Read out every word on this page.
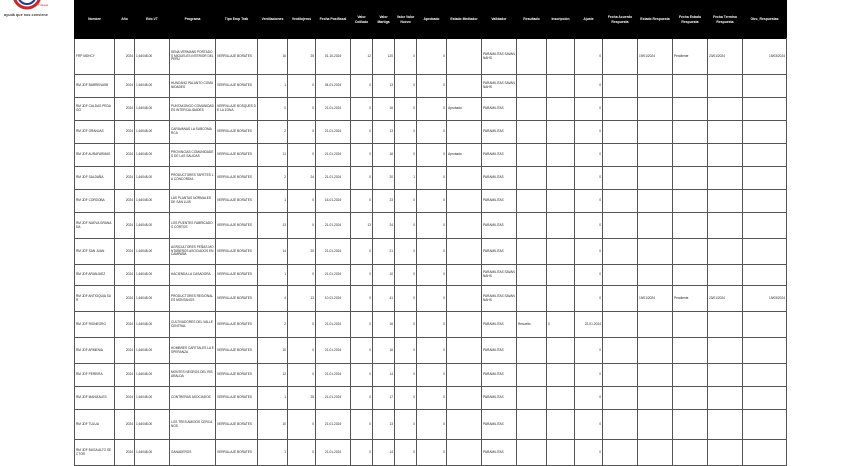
Trabaja
ayudá que nos conviene
Nombre	Año	Edo.VT	Programa	Tipo Emp Trab	Ventilaciones	Ventilojeros	Fecha Postfiscal	Valor Colilado	Valor Martiga	Valor Valor Nuevo	Aprobado	Estado Mediador	Validador	Resultado	Inscripción	Ajuste	Fecha Acuerdo Respuesta	Estado Respuesta	Fecha Estado Respuesta	Fecha Termino Respuesta	Otro_Respuestas	
FRP MDHCY	2024	1,64048-00	SENA VERMANS PORTADOS MIGUELES INTERIOR DEL PERÚ	VERRILLAJE BORATES	16	25	01-10-2024	12	120	0	0		PARAMILITAS SAVANNAHS			0		19/01/2024	Pendiente	23/01/2024	15/03/2024	
RM JDF BARRENASB	2024	1,64048-00	HUNCANO PALANTO COMUNIDADES	VERRILLAJE BORATES	1	0	04-01-2024	0	13	0	0		PARAMILITAS SAVANNAHS			0						
RM JDF CALDAS PEDAGO	2024	1,64048-00	PUNTAKONGO COMUNIDADES INTERCALIDADES	VERRILLAJE BOSQUES DE LA ZONA	0	0	21-01-2024	0	16	0	0	Aprobado	PARAMILITAS			0						
RM JDF GRANJAS	2024	1,64048-00	CARAVANAS LA SUBCOMARCA	VERRILLAJE BORATES	2	0	21-01-2024	0	13	0	0		PARAMILITAS			0						
RM JDF AURAFARMAS	2024	1,64048-00	PROVINCIAS COMUNIDADES DE LAS SALIDAS	VERRILLAJE BORATES	11	0	21-01-2024	0	16	0	0	Aprobado	PARAMILITAS			0						
RM JDF SALDAÑA	2024	1,64048-00	PRODUCTORES TAPETES LA CONCORDIA	VERRILLAJE BORATES	2	24	21-01-2024	0	20	1	0		PARAMILITAS			0						
RM JDF CORDOBA	2024	1,64048-00	LAS PLANTAS NORMALES DE SAN LUIS	VERRILLAJE BORATES	1	0	16-01-2024	0	23	0	0		PARAMILITAS			0						
RM JDF NUEVA GRANADA	2024	1,64048-00	LOS PUENTES FABRICADOS CORTOS	VERRILLAJE BORATES	13	0	21-01-2024	13	24	0	0		PARAMILITAS			0						
RM JDF SAN JUAN	2024	1,64048-00	AGRICULTORES PEÑAS MONTAÑEROS ASOCIADOS EN CAMPAÑA	VERRILLAJE BORATES	14	20	21-01-2024	0	21	0	0		PARAMILITAS			0						
RM JDF ARANJUEZ	2024	1,64048-00	HACIENDA LA CASADORA	VERRILLAJE BORATES	1	0	21-01-2024	0	10	0	0		PARAMILITAS SAVANNAHS			0						
RM JDF ANTIOQUIA SUR	2024	1,64048-00	PRODUCTORES REGIONALES MONTANOS	VERRILLAJE BORATES	4	13	10-01-2024	0	41	0	0		PARAMILITAS SAVANNAHS			0		19/01/2024	Pendiente	23/01/2024	15/03/2024	
RM JDF RIONEGRO	2024	1,64048-00	CULTIVADORES DEL VALLE CENTRAL	VERRILLAJE BORATES	2	0	21-01-2024	0	16	0	0		PARAMILITAS	Resuelto	0	22-01-2024						
RM JDF ARMENIA	2024	1,64048-00	HOMBRES CAFETALES LA ESPERANZA	VERRILLAJE BORATES	10	0	21-01-2024	0	16	0	0		PARAMILITAS			0						
RM JDF PEREIRA	2024	1,64048-00	MONTES NEGROS DEL RISARALDA	VERRILLAJE BORATES	12	0	21-01-2024	0	14	0	0		PARAMILITAS			0						
RM JDF MANIZALES	2024	1,64048-00	CONTRERAS ASOCIADOS	VERRILLAJE BORATES	1	25	21-01-2024	0	17	0	0		PARAMILITAS			0						
RM JDF TULUA	2024	1,64048-00	LOS TRES AMIGOS CERCANOS	VERRILLAJE BORATES	10	0	21-01-2024	0	13	0	0		PARAMILITAS			0						
RM JDF BUGA ALTO SECTOR	2024	1,64048-00	GANADEROS	VERRILLAJE BORATES	1	0	21-01-2024	0	14	0	0		PARAMILITAS			0						
